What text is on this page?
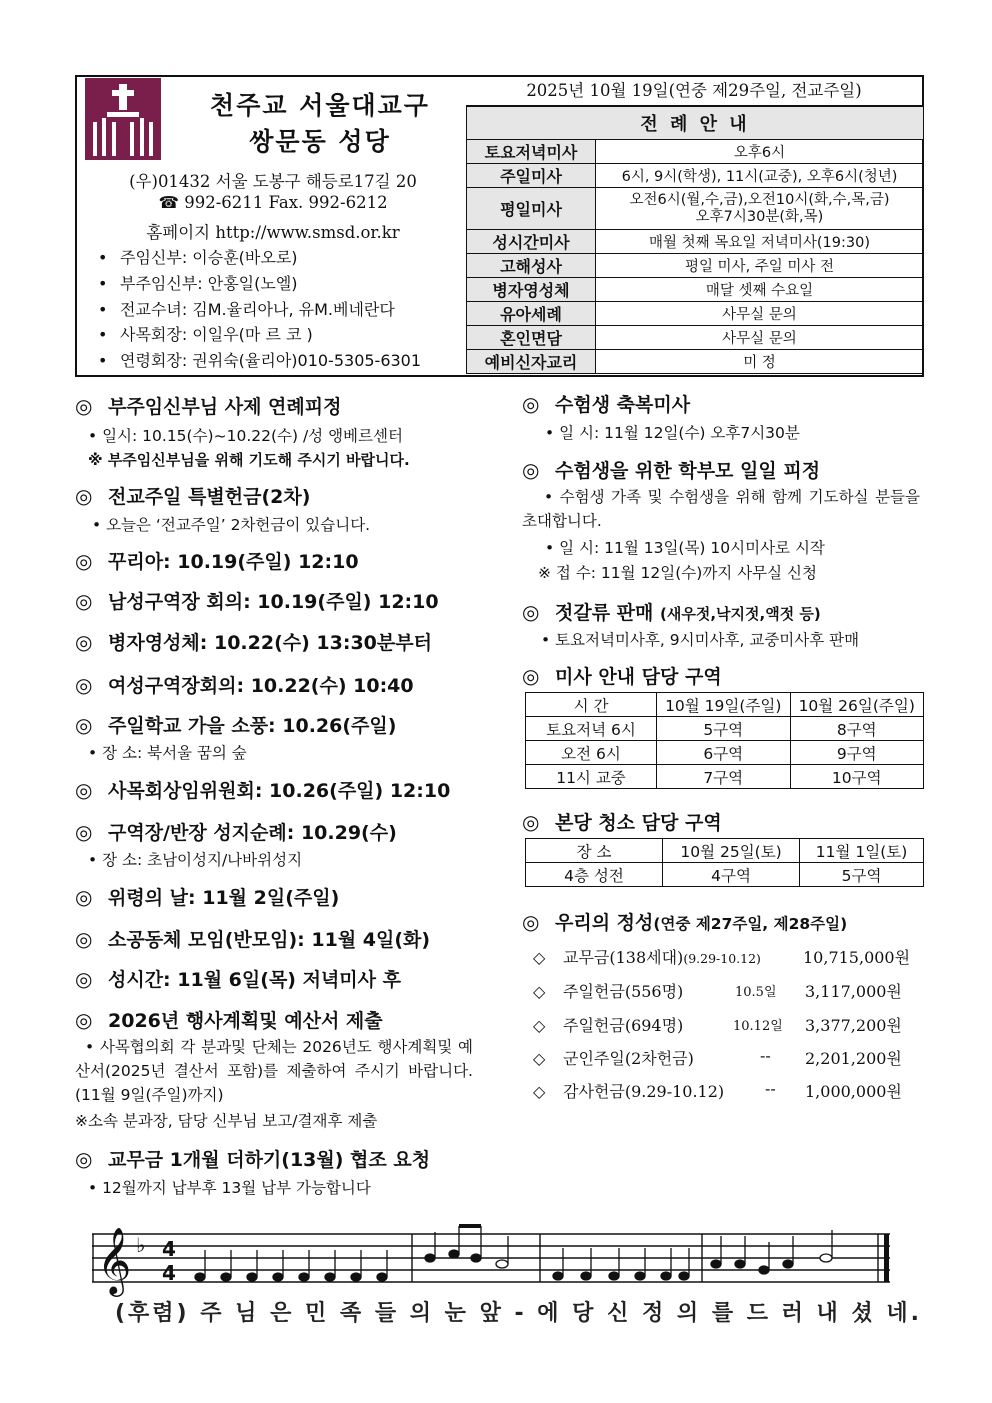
천주교 서울대교구
쌍문동 성당
(우)01432 서울 도봉구 해등로17길 20
☎ 992-6211 Fax. 992-6212
홈페이지 http://www.smsd.or.kr
• 주임신부: 이승훈(바오로)
• 부주임신부: 안홍일(노엘)
• 전교수녀: 김M.율리아나, 유M.베네란다
• 사목회장: 이일우(마 르 코 )
• 연령회장: 권위숙(율리아)010-5305-6301
2025년 10월 19일(연중 제29주일, 전교주일)
전 례 안 내	
토요저녁미사	오후6시
주일미사	6시, 9시(학생), 11시(교중), 오후6시(청년)
평일미사	오전6시(월,수,금),오전10시(화,수,목,금)
오후7시30분(화,목)
성시간미사	매월 첫째 목요일 저녁미사(19:30)
고해성사	평일 미사, 주일 미사 전
병자영성체	매달 셋째 수요일
유아세례	사무실 문의
혼인면담	사무실 문의
예비신자교리	미 정
◎ 부주임신부님 사제 연례피정
• 일시: 10.15(수)~10.22(수) /성 앵베르센터
※ 부주임신부님을 위해 기도해 주시기 바랍니다.
◎ 전교주일 특별헌금(2차)
• 오늘은 ‘전교주일’ 2차헌금이 있습니다.
◎ 꾸리아: 10.19(주일) 12:10
◎ 남성구역장 회의: 10.19(주일) 12:10
◎ 병자영성체: 10.22(수) 13:30분부터
◎ 여성구역장회의: 10.22(수) 10:40
◎ 주일학교 가을 소풍: 10.26(주일)
• 장 소: 북서울 꿈의 숲
◎ 사목회상임위원회: 10.26(주일) 12:10
◎ 구역장/반장 성지순례: 10.29(수)
• 장 소: 초남이성지/나바위성지
◎ 위령의 날: 11월 2일(주일)
◎ 소공동체 모임(반모임): 11월 4일(화)
◎ 성시간: 11월 6일(목) 저녁미사 후
◎ 2026년 행사계획및 예산서 제출
• 사목협의회 각 분과및 단체는 2026년도 행사계획및 예산서(2025년 결산서 포함)를 제출하여 주시기 바랍니다.(11월 9일(주일)까지)
※소속 분과장, 담당 신부님 보고/결재후 제출
◎ 교무금 1개월 더하기(13월) 협조 요청
• 12월까지 납부후 13월 납부 가능합니다
◎ 수험생 축복미사
• 일 시: 11월 12일(수) 오후7시30분
◎ 수험생을 위한 학부모 일일 피정
• 수험생 가족 및 수험생을 위해 함께 기도하실 분들을 초대합니다.
• 일 시: 11월 13일(목) 10시미사로 시작
※ 접 수: 11월 12일(수)까지 사무실 신청
◎ 젓갈류 판매 (새우젓,낙지젓,액젓 등)
• 토요저녁미사후, 9시미사후, 교중미사후 판매
◎ 미사 안내 담당 구역
시 간	10월 19일(주일)	10월 26일(주일)
토요저녁 6시	5구역	8구역
오전 6시	6구역	9구역
11시 교중	7구역	10구역
◎ 본당 청소 담당 구역
장 소	10월 25일(토)	11월 1일(토)
4층 성전	4구역	5구역
◎ 우리의 정성(연중 제27주일, 제28주일)
◇ 교무금(138세대)(9.29-10.12)	10,715,000원
◇ 주일헌금(556명)	10.5일 3,117,000원
◇ 주일헌금(694명)	10.12일 3,377,200원
◇ 군인주일(2차헌금)	-- 2,201,200원
◇ 감사헌금(9.29-10.12)	-- 1,000,000원
𝄞 ♭ 4
4
(후렴) 주 님 은 민 족 들 의 눈 앞 - 에 당 신 정 의 를 드 러 내 셨 네.
